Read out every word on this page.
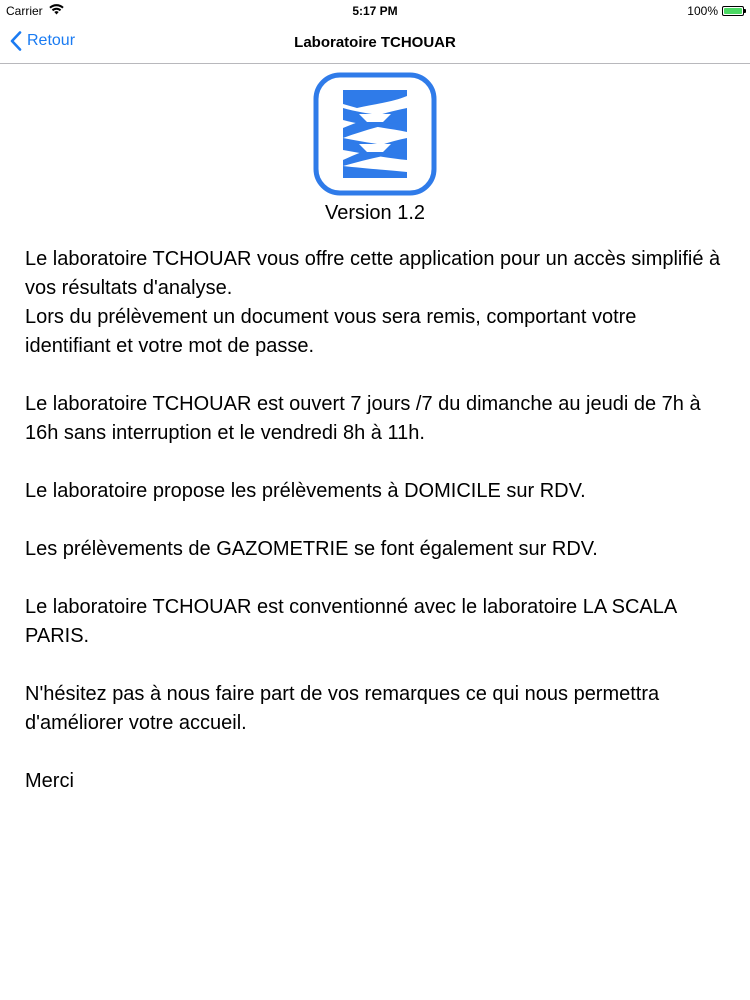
Carrier	5:17 PM	100%
Retour	Laboratoire TCHOUAR
Version 1.2

Le laboratoire TCHOUAR vous offre cette application pour un accès simplifié à vos résultats d'analyse.
Lors du prélèvement un document vous sera remis, comportant votre identifiant et votre mot de passe.

Le laboratoire TCHOUAR est ouvert 7 jours /7 du dimanche au jeudi de 7h à 16h sans interruption et le vendredi 8h à 11h.

Le laboratoire propose les prélèvements à DOMICILE sur RDV.

Les prélèvements de GAZOMETRIE se font également sur RDV.

Le laboratoire TCHOUAR est conventionné avec le laboratoire LA SCALA PARIS.

N'hésitez pas à nous faire part de vos remarques ce qui nous permettra d'améliorer votre accueil.

Merci
